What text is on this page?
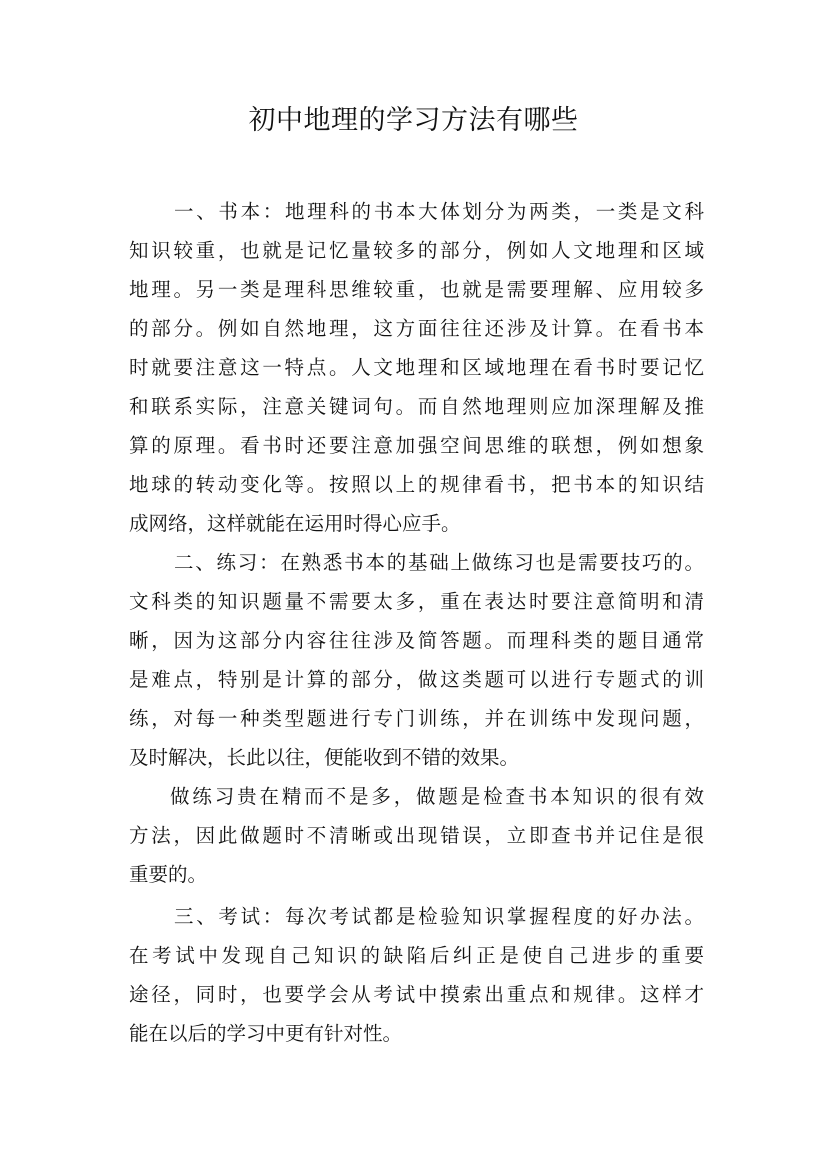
初中地理的学习方法有哪些

一、书本：地理科的书本大体划分为两类，一类是文科

知识较重，也就是记忆量较多的部分，例如人文地理和区域

地理。另一类是理科思维较重，也就是需要理解、应用较多

的部分。例如自然地理，这方面往往还涉及计算。在看书本

时就要注意这一特点。人文地理和区域地理在看书时要记忆

和联系实际，注意关键词句。而自然地理则应加深理解及推

算的原理。看书时还要注意加强空间思维的联想，例如想象

地球的转动变化等。按照以上的规律看书，把书本的知识结

成网络，这样就能在运用时得心应手。

二、练习：在熟悉书本的基础上做练习也是需要技巧的。

文科类的知识题量不需要太多，重在表达时要注意简明和清

晰，因为这部分内容往往涉及简答题。而理科类的题目通常

是难点，特别是计算的部分，做这类题可以进行专题式的训

练，对每一种类型题进行专门训练，并在训练中发现问题，

及时解决，长此以往，便能收到不错的效果。

做练习贵在精而不是多，做题是检查书本知识的很有效

方法，因此做题时不清晰或出现错误，立即查书并记住是很

重要的。

三、考试：每次考试都是检验知识掌握程度的好办法。

在考试中发现自己知识的缺陷后纠正是使自己进步的重要

途径，同时，也要学会从考试中摸索出重点和规律。这样才

能在以后的学习中更有针对性。
